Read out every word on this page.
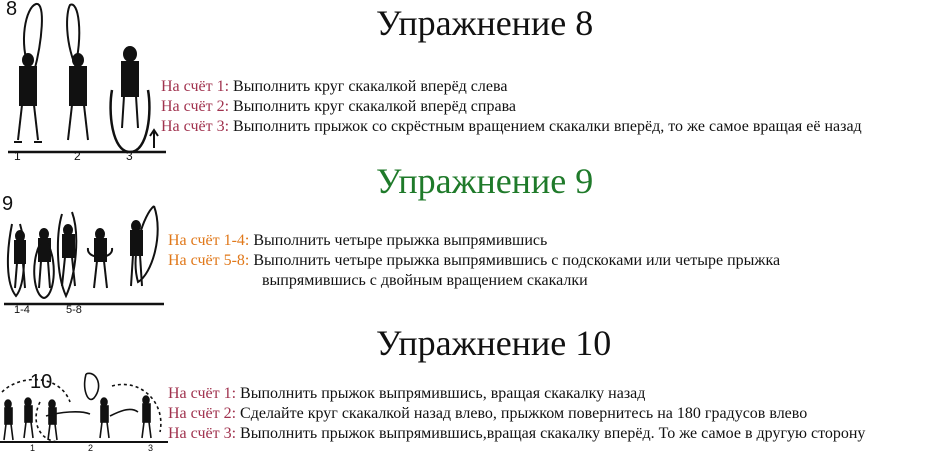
8
1	2	3
Упражнение 8
На счёт 1: Выполнить круг скакалкой вперёд слева
На счёт 2: Выполнить круг скакалкой вперёд справа
На счёт 3: Выполнить прыжок со скрёстным вращением скакалки вперёд, то же самое вращая её назад
Упражнение 9
9
1-4	5-8
На счёт 1-4: Выполнить четыре прыжка выпрямившись
На счёт 5-8: Выполнить четыре прыжка выпрямившись с подскоками или четыре прыжка
выпрямившись с двойным вращением скакалки
Упражнение 10
10
1	2	3
На счёт 1: Выполнить прыжок выпрямившись, вращая скакалку назад
На счёт 2: Сделайте круг скакалкой назад влево, прыжком повернитесь на 180 градусов влево
На счёт 3: Выполнить прыжок выпрямившись,вращая скакалку вперёд. То же самое в другую сторону
